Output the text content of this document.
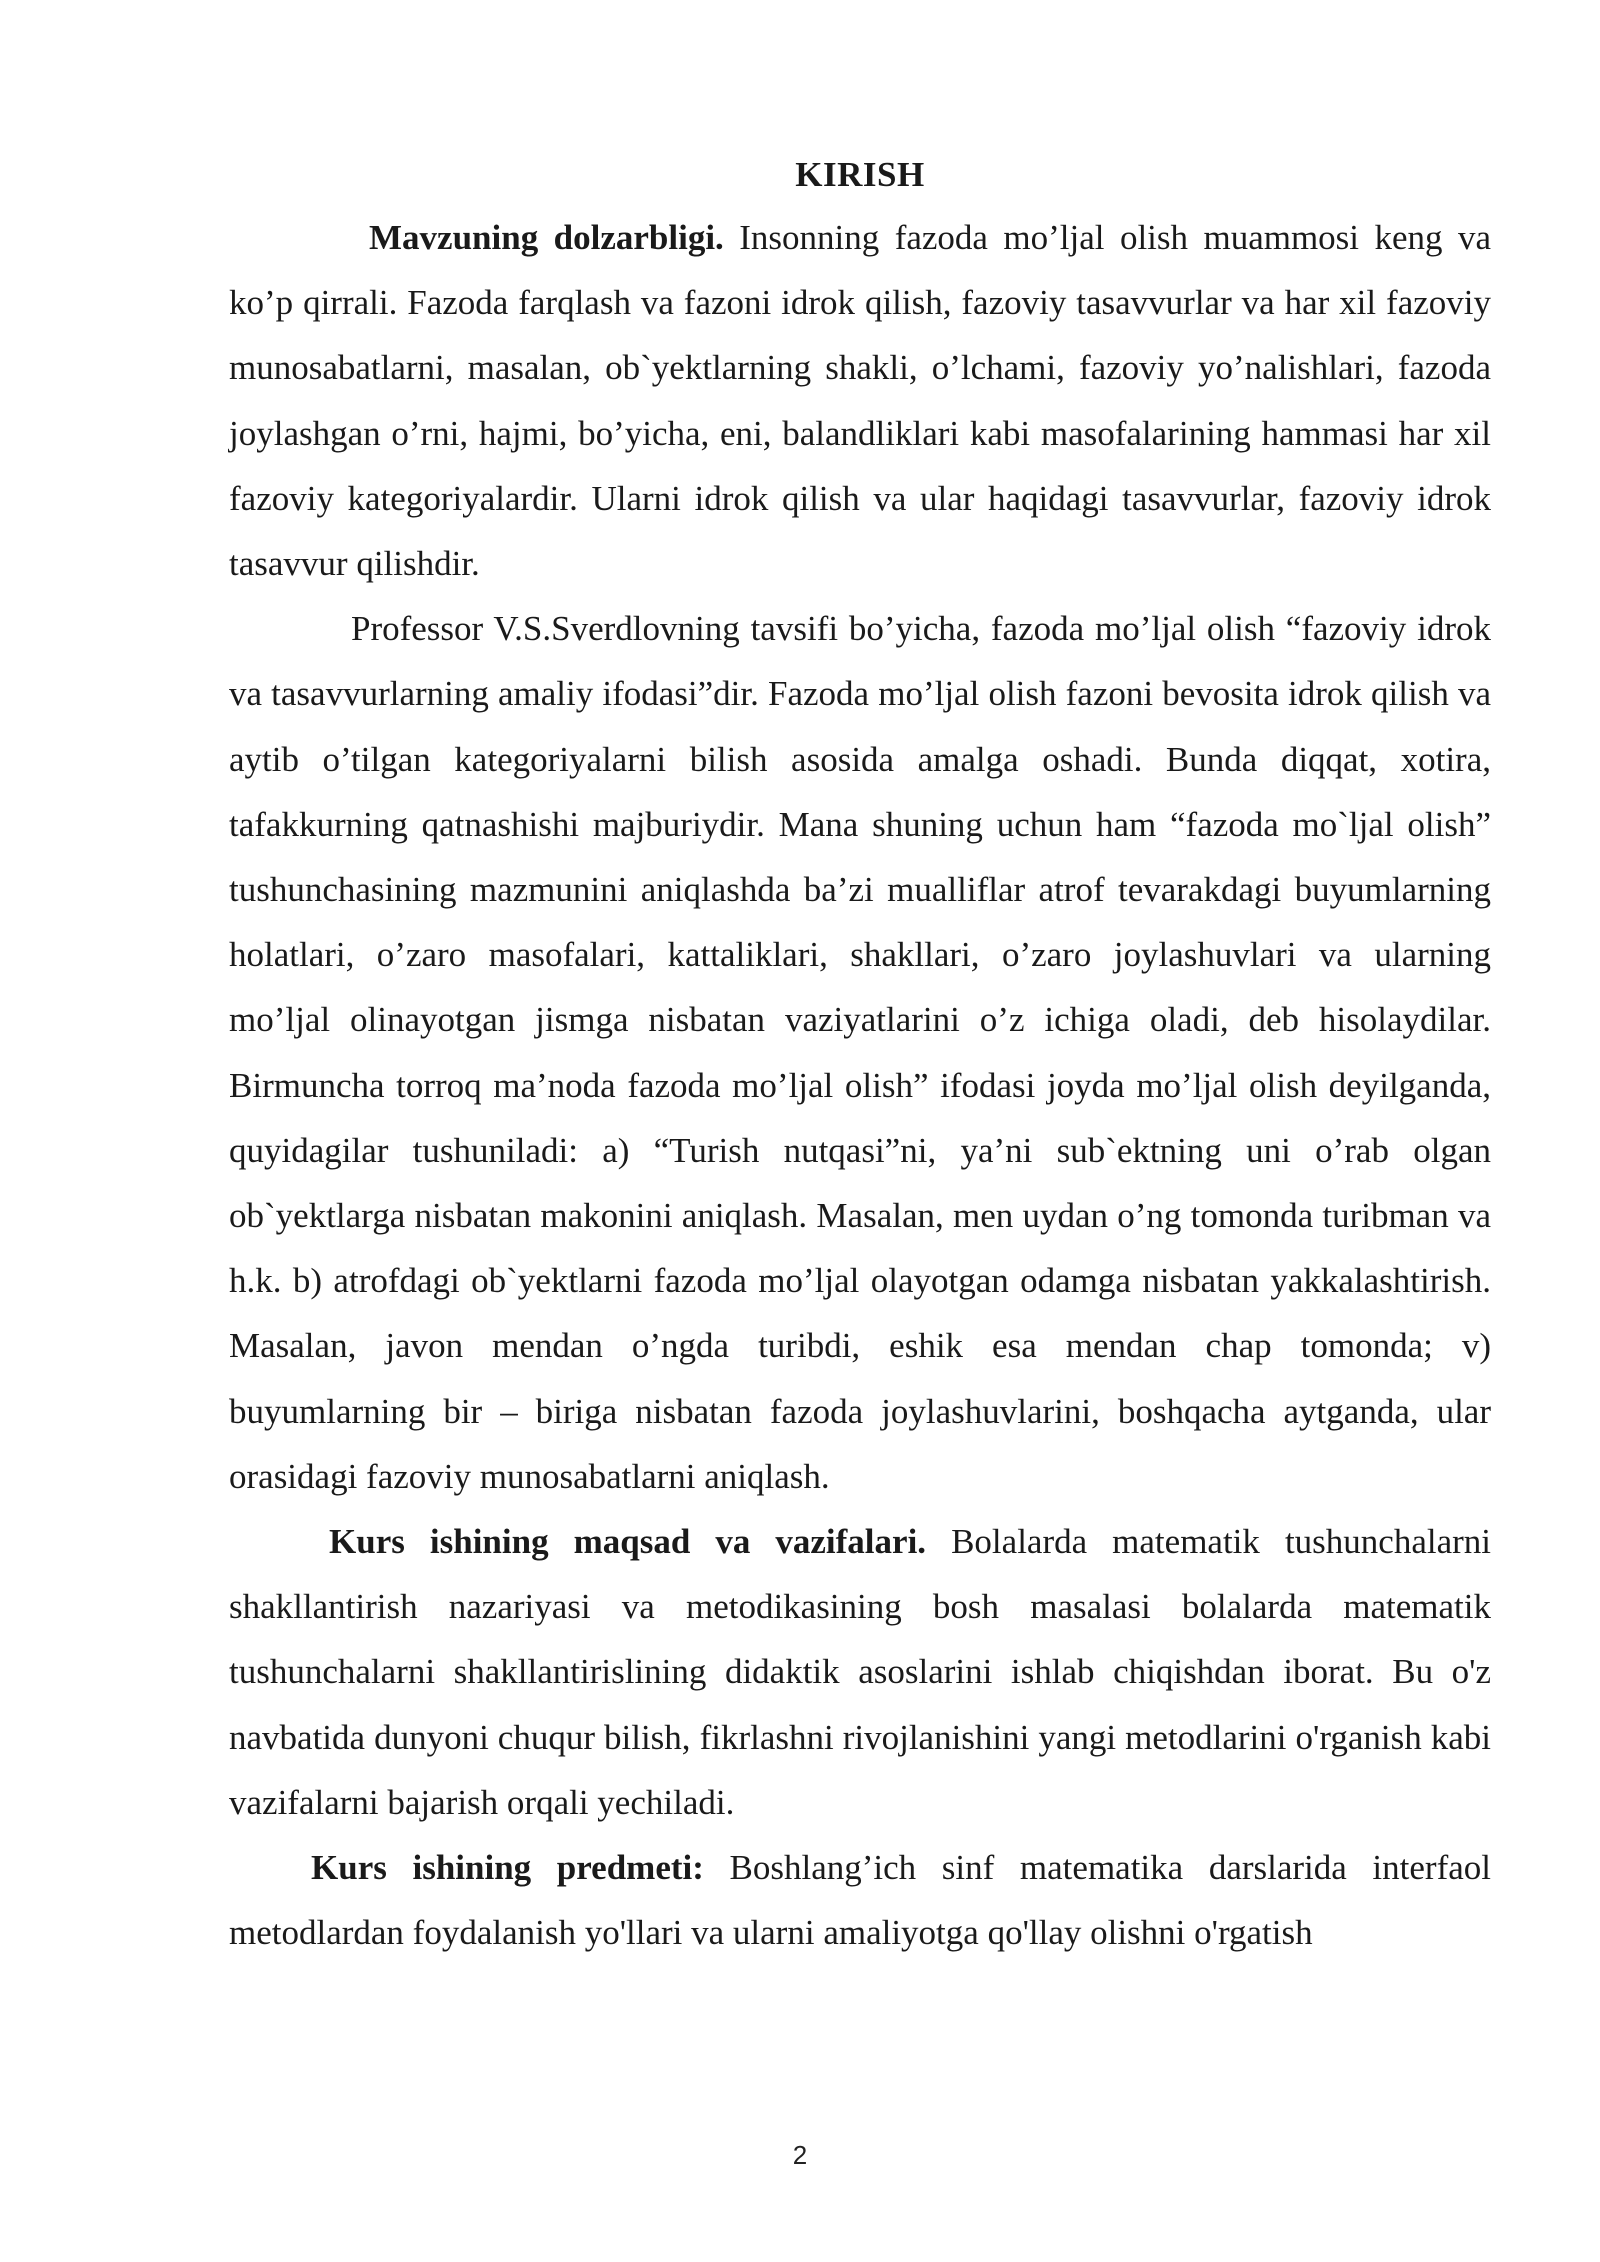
KIRISH

Mavzuning dolzarbligi. Insonning fazoda mo’ljal olish muammosi keng va ko’p qirrali. Fazoda farqlash va fazoni idrok qilish, fazoviy tasavvurlar va har xil fazoviy munosabatlarni, masalan, ob`yektlarning shakli, o’lchami, fazoviy yo’nalishlari, fazoda joylashgan o’rni, hajmi, bo’yicha, eni, balandliklari kabi masofalarining hammasi har xil fazoviy kategoriyalardir. Ularni idrok qilish va ular haqidagi tasavvurlar, fazoviy idrok tasavvur qilishdir.

Professor V.S.Sverdlovning tavsifi bo’yicha, fazoda mo’ljal olish “fazoviy idrok va tasavvurlarning amaliy ifodasi”dir. Fazoda mo’ljal olish fazoni bevosita idrok qilish va aytib o’tilgan kategoriyalarni bilish asosida amalga oshadi. Bunda diqqat, xotira, tafakkurning qatnashishi majburiydir. Mana shuning uchun ham “fazoda mo`ljal olish” tushunchasining mazmunini aniqlashda ba’zi mualliflar atrof tevarakdagi buyumlarning holatlari, o’zaro masofalari, kattaliklari, shakllari, o’zaro joylashuvlari va ularning mo’ljal olinayotgan jismga nisbatan vaziyatlarini o’z ichiga oladi, deb hisolaydilar. Birmuncha torroq ma’noda fazoda mo’ljal olish” ifodasi joyda mo’ljal olish deyilganda, quyidagilar tushuniladi: a) “Turish nutqasi”ni, ya’ni sub`ektning uni o’rab olgan ob`yektlarga nisbatan makonini aniqlash. Masalan, men uydan o’ng tomonda turibman va h.k. b) atrofdagi ob`yektlarni fazoda mo’ljal olayotgan odamga nisbatan yakkalashtirish. Masalan, javon mendan o’ngda turibdi, eshik esa mendan chap tomonda; v) buyumlarning bir – biriga nisbatan fazoda joylashuvlarini, boshqacha aytganda, ular orasidagi fazoviy munosabatlarni aniqlash.

Kurs ishining maqsad va vazifalari. Bolalarda matematik tushunchalarni shakllantirish nazariyasi va metodikasining bosh masalasi bolalarda matematik tushunchalarni shakllantirislining didaktik asoslarini ishlab chiqishdan iborat. Bu o'z navbatida dunyoni chuqur bilish, fikrlashni rivojlanishini yangi metodlarini o'rganish kabi vazifalarni bajarish orqali yechiladi.

Kurs ishining predmeti: Boshlang’ich sinf matematika darslarida interfaol metodlardan foydalanish yo'llari va ularni amaliyotga qo'llay olishni o'rgatish

2
